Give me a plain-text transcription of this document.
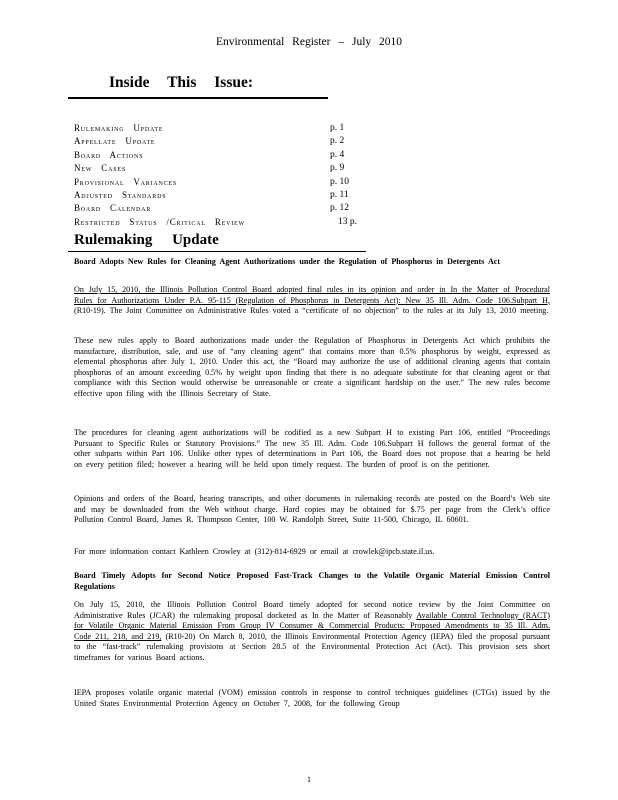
Environmental Register – July 2010
Inside This Issue:
Rulemaking Update	p. 1
Appellate Update	p. 2
Board Actions	p. 4
New Cases	p. 9
Provisional Variances	p. 10
Adjusted Standards	p. 11
Board Calendar	p. 12
Restricted Status /Critical Review	13 p.
Rulemaking Update
Board Adopts New Rules for Cleaning Agent Authorizations under the Regulation of Phosphorus in Detergents Act
On July 15, 2010, the Illinois Pollution Control Board adopted final rules in its opinion and order in In the Matter of Procedural Rules for Authorizations Under P.A. 95-115 (Regulation of Phosphorus in Detergents Act): New 35 Ill. Adm. Code 106.Subpart H, (R10-19). The Joint Committee on Administrative Rules voted a “certificate of no objection” to the rules at its July 13, 2010 meeting.
These new rules apply to Board authorizations made under the Regulation of Phosphorus in Detergents Act which prohibits the manufacture, distribution, sale, and use of “any cleaning agent” that contains more than 0.5% phosphorus by weight, expressed as elemental phosphorus after July 1, 2010. Under this act, the “Board may authorize the use of additional cleaning agents that contain phosphorus of an amount exceeding 0.5% by weight upon finding that there is no adequate substitute for that cleaning agent or that compliance with this Section would otherwise be unreasonable or create a significant hardship on the user.” The new rules become effective upon filing with the Illinois Secretary of State.
The procedures for cleaning agent authorizations will be codified as a new Subpart H to existing Part 106, entitled “Proceedings Pursuant to Specific Rules or Statutory Provisions.” The new 35 Ill. Adm. Code 106.Subpart H follows the general format of the other subparts within Part 106. Unlike other types of determinations in Part 106, the Board does not propose that a hearing be held on every petition filed; however a hearing will be held upon timely request. The burden of proof is on the petitioner.
Opinions and orders of the Board, hearing transcripts, and other documents in rulemaking records are posted on the Board’s Web site and may be downloaded from the Web without charge. Hard copies may be obtained for $.75 per page from the Clerk’s office Pollution Control Board, James R. Thompson Center, 100 W. Randolph Street, Suite 11-500, Chicago, IL 60601.
For more information contact Kathleen Crowley at (312)-814-6929 or email at crowlek@ipcb.state.il.us.
Board Timely Adopts for Second Notice Proposed Fast-Track Changes to the Volatile Organic Material Emission Control Regulations
On July 15, 2010, the Illinois Pollution Control Board timely adopted for second notice review by the Joint Committee on Administrative Rules (JCAR) the rulemaking proposal docketed as In the Matter of Reasonably Available Control Technology (RACT) for Volatile Organic Material Emission From Group IV Consumer & Commercial Products: Proposed Amendments to 35 Ill. Adm. Code 211, 218, and 219, (R10-20) On March 8, 2010, the Illinois Environmental Protection Agency (IEPA) filed the proposal pursuant to the “fast-track” rulemaking provisions at Section 28.5 of the Environmental Protection Act (Act). This provision sets short timeframes for various Board actions.
IEPA proposes volatile organic material (VOM) emission controls in response to control techniques guidelines (CTGs) issued by the United States Environmental Protection Agency on October 7, 2008, for the following Group
1
